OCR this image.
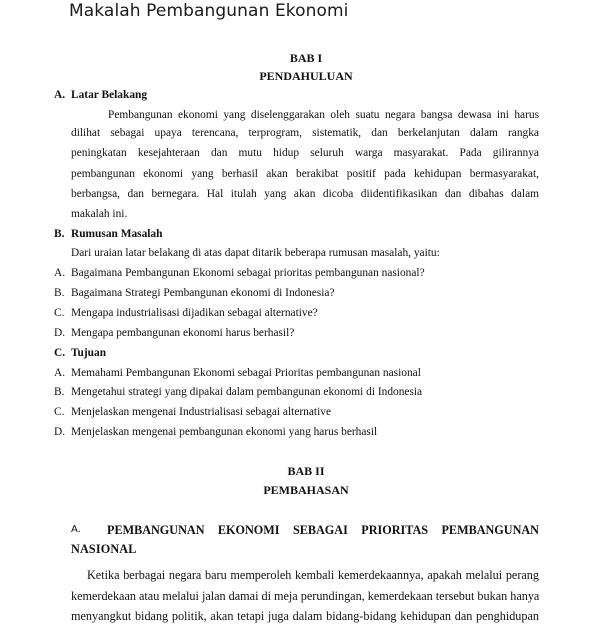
Makalah Pembangunan Ekonomi
BAB I
PENDAHULUAN
A. Latar Belakang
Pembangunan ekonomi yang diselenggarakan oleh suatu negara bangsa dewasa ini harus
dilihat sebagai upaya terencana, terprogram, sistematik, dan berkelanjutan dalam rangka
peningkatan kesejahteraan dan mutu hidup seluruh warga masyarakat. Pada gilirannya
pembangunan ekonomi yang berhasil akan berakibat positif pada kehidupan bermasyarakat,
berbangsa, dan bernegara. Hal itulah yang akan dicoba diidentifikasikan dan dibahas dalam
makalah ini.
B. Rumusan Masalah
Dari uraian latar belakang di atas dapat ditarik beberapa rumusan masalah, yaitu:
A. Bagaimana Pembangunan Ekonomi sebagai prioritas pembangunan nasional?
B. Bagaimana Strategi Pembangunan ekonomi di Indonesia?
C. Mengapa industrialisasi dijadikan sebagai alternative?
D. Mengapa pembangunan ekonomi harus berhasil?
C. Tujuan
A. Memahami Pembangunan Ekonomi sebagai Prioritas pembangunan nasional
B. Mengetahui strategi yang dipakai dalam pembangunan ekonomi di Indonesia
C. Menjelaskan mengenai Industrialisasi sebagai alternative
D. Menjelaskan mengenai pembangunan ekonomi yang harus berhasil
BAB II
PEMBAHASAN
A. PEMBANGUNAN EKONOMI SEBAGAI PRIORITAS PEMBANGUNAN
NASIONAL
Ketika berbagai negara baru memperoleh kembali kemerdekaannya, apakah melalui perang
kemerdekaan atau melalui jalan damai di meja perundingan, kemerdekaan tersebut bukan hanya
menyangkut bidang politik, akan tetapi juga dalam bidang-bidang kehidupan dan penghidupan
